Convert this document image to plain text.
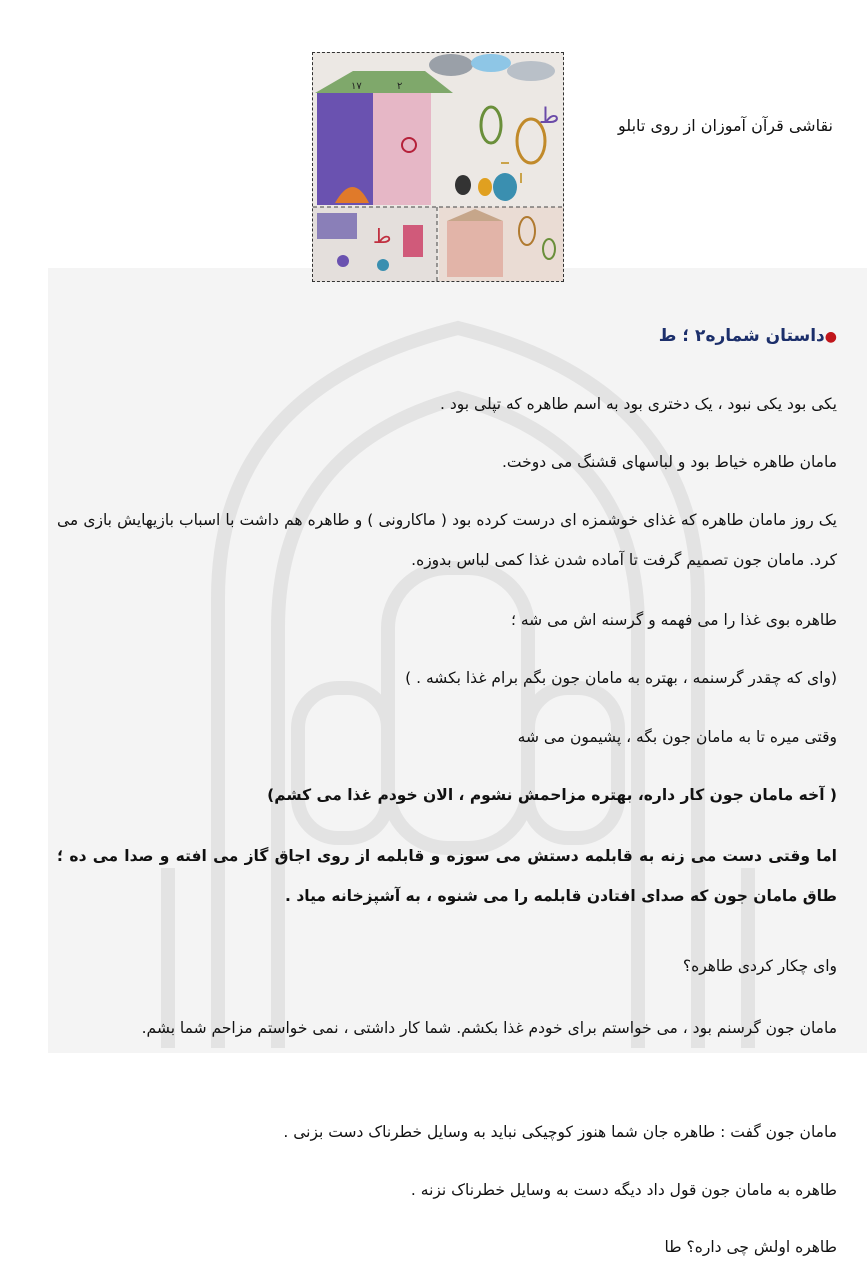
۱۷	۲
ط
ط
نقاشی قرآن آموزان از روی تابلو
●داستان شماره۲ ؛ ط
یکی بود یکی نبود ، یک دختری بود به اسم طاهره که تپلی بود .
مامان طاهره خیاط بود و لباسهای قشنگ می دوخت.
یک روز مامان طاهره که غذای خوشمزه ای درست کرده بود ( ماکارونی ) و طاهره هم داشت با اسباب بازیهایش بازی می کرد. مامان جون تصمیم گرفت تا آماده شدن غذا کمی لباس بدوزه.
طاهره بوی غذا را می فهمه و گرسنه اش می شه ؛
(وای که چقدر گرسنمه ، بهتره به مامان جون بگم برام غذا بکشه . )
وقتی میره تا به مامان جون بگه ، پشیمون می شه
( آخه مامان جون کار داره، بهتره مزاحمش نشوم ، الان خودم غذا می کشم)
اما وقتی دست می زنه به قابلمه دستش می سوزه و قابلمه از روی اجاق گاز می افته و صدا می ده ؛ طاق مامان جون که صدای افتادن قابلمه را می شنوه ، به آشپزخانه میاد .
وای چکار کردی طاهره؟
مامان جون گرسنم بود ، می خواستم برای خودم غذا بکشم. شما کار داشتی ، نمی خواستم مزاحم شما بشم.
مامان جون گفت : طاهره جان شما هنوز کوچیکی نباید به وسایل خطرناک دست بزنی .
طاهره به مامان جون قول داد دیگه دست به وسایل خطرناک نزنه .
طاهره اولش چی داره؟ طا
